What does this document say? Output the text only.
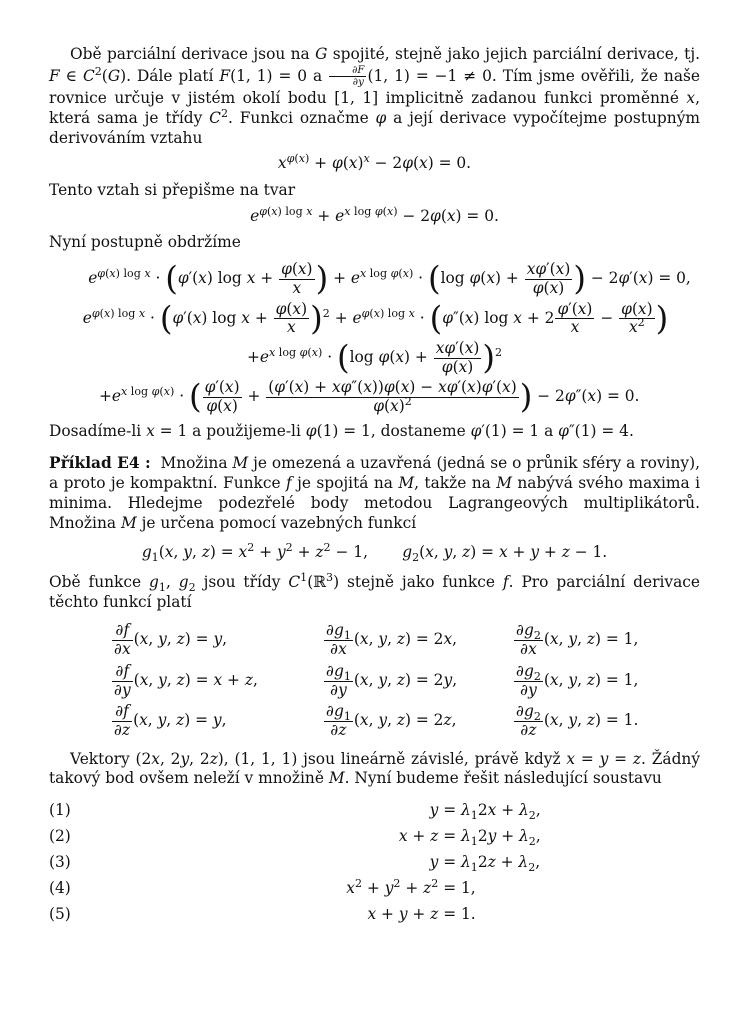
Obě parciální derivace jsou na G spojité, stejně jako jejich parciální derivace, tj. F ∈ $C^2(G)$. Dále platí F(1, 1) = 0 a $\frac{\partial F}{\partial y} (1$, 1) = −1 ≠ 0. Tím jsme ověřili, že naše rovnice určuje v jistém okolí bodu [1, 1] implicitně zadanou funkci proměnné x, která sama je třídy $C^2$. Funkci označme φ a její derivace vypočítejme postupným derivováním vztahu

$x^{\varphi(x)} + \varphi(x)^x - 2\varphi(x) = 0$.

Tento vztah si přepišme na tvar

$e^{\varphi(x) log x} + e^{x log \varphi(x)} - 2\varphi(x) = 0$.

Nyní postupně obdržíme

$e^{\varphi(x) log x} \cdot (\varphi'(x)$ $\log x + \frac{\varphi(x)}{x}$ ) + $e^{x log \varphi(x)} \cdot (\log$ $\varphi(x) + \frac{x\varphi'(x)}{\varphi(x)}$ ) − 2φ′(x) = 0,
$e^{\varphi(x) log x} \cdot (\varphi'(x)$ $\log x + \frac{\varphi(x)}{x} )^2 + e^{\varphi(x) log x} \cdot (\varphi''(x)$ $\log x + 2 \frac{\varphi'(x)}{x} - \frac{\varphi(x)}{x^2}$ )
$+e^{x log \varphi(x)} \cdot (\log$ $\varphi(x) + \frac{x\varphi'(x)}{\varphi(x)} )^2$
$+e^{x log \varphi(x)}$ · ( $\frac{\varphi'(x)}{\varphi(x)} + \frac{(\varphi'(x) + x\varphi''(x))\varphi(x) - x\varphi'(x)\varphi'(x)}{\varphi(x)^2}$ ) − 2φ″(x) = 0.

Dosadíme-li x = 1 a použijeme-li φ(1) = 1, dostaneme φ′(1) = 1 a φ″(1) = 4.

Příklad E4 :  Množina M je omezená a uzavřená (jedná se o průnik sféry a roviny), a proto je kompaktní. Funkce f je spojitá na M, takže na M nabývá svého maxima i minima. Hledejme podezřelé body metodou Lagrangeových multiplikátorů. Množina M je určena pomocí vazebných funkcí

$g_1(x$, y, $z) = x^2 + y^2 + z^2 - 1$,       $g_2(x$, y, z) = x + y + z − 1.

Obě funkce $g_1$, $g_2$ jsou třídy $C^1(ℝ^3)$ stejně jako funkce f. Pro parciální derivace těchto funkcí platí

$\frac{\partial f}{\partial x} (x$, y, z) = y,	$\frac{\partial g_1}{\partial x} (x$, y, z) = 2x,	$\frac{\partial g_2}{\partial x} (x$, y, z) = 1,

$\frac{\partial f}{\partial y} (x$, y, z) = x + z,	$\frac{\partial g_1}{\partial y} (x$, y, z) = 2y,	$\frac{\partial g_2}{\partial y} (x$, y, z) = 1,

$\frac{\partial f}{\partial z} (x$, y, z) = y,	$\frac{\partial g_1}{\partial z} (x$, y, z) = 2z,	$\frac{\partial g_2}{\partial z} (x$, y, z) = 1.

Vektory (2x, 2y, 2z), (1, 1, 1) jsou lineárně závislé, právě když x = y = z. Žádný takový bod ovšem neleží v množině M. Nyní budeme řešit následující soustavu

(1)	$y = \lambda_12x + \lambda_2$,
(2)	$x + z = \lambda_12y + \lambda_2$,
(3)	$y = \lambda_12z + \lambda_2$,
(4)	$x^2 + y^2 + z^2 = 1$,
(5)	x + y + z = 1.
